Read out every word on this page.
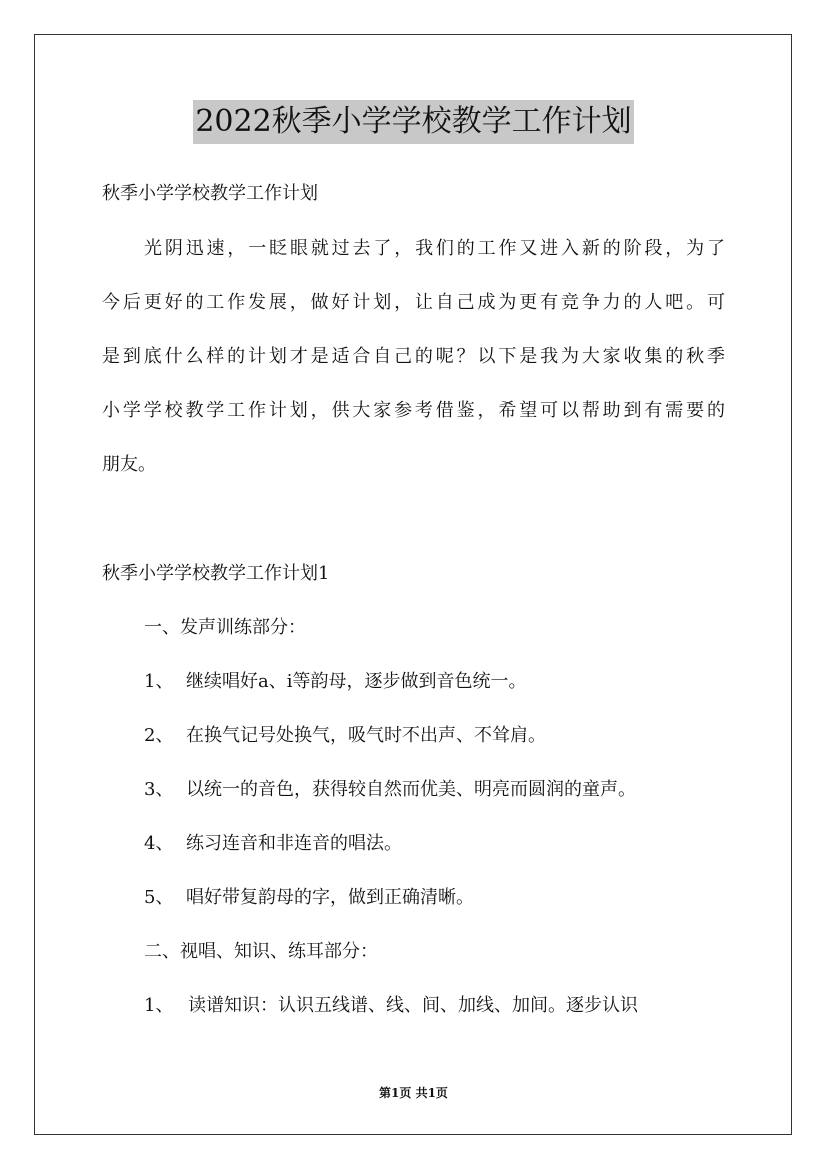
2022秋季小学学校教学工作计划
秋季小学学校教学工作计划
光阴迅速，一眨眼就过去了，我们的工作又进入新的阶段，为了
今后更好的工作发展，做好计划，让自己成为更有竞争力的人吧。可
是到底什么样的计划才是适合自己的呢？以下是我为大家收集的秋季
小学学校教学工作计划，供大家参考借鉴，希望可以帮助到有需要的
朋友。
秋季小学学校教学工作计划1
一、发声训练部分：
1、 继续唱好a、i等韵母，逐步做到音色统一。
2、 在换气记号处换气，吸气时不出声、不耸肩。
3、 以统一的音色，获得较自然而优美、明亮而圆润的童声。
4、 练习连音和非连音的唱法。
5、 唱好带复韵母的字，做到正确清晰。
二、视唱、知识、练耳部分：
1、 读谱知识：认识五线谱、线、间、加线、加间。逐步认识
第1页 共1页
